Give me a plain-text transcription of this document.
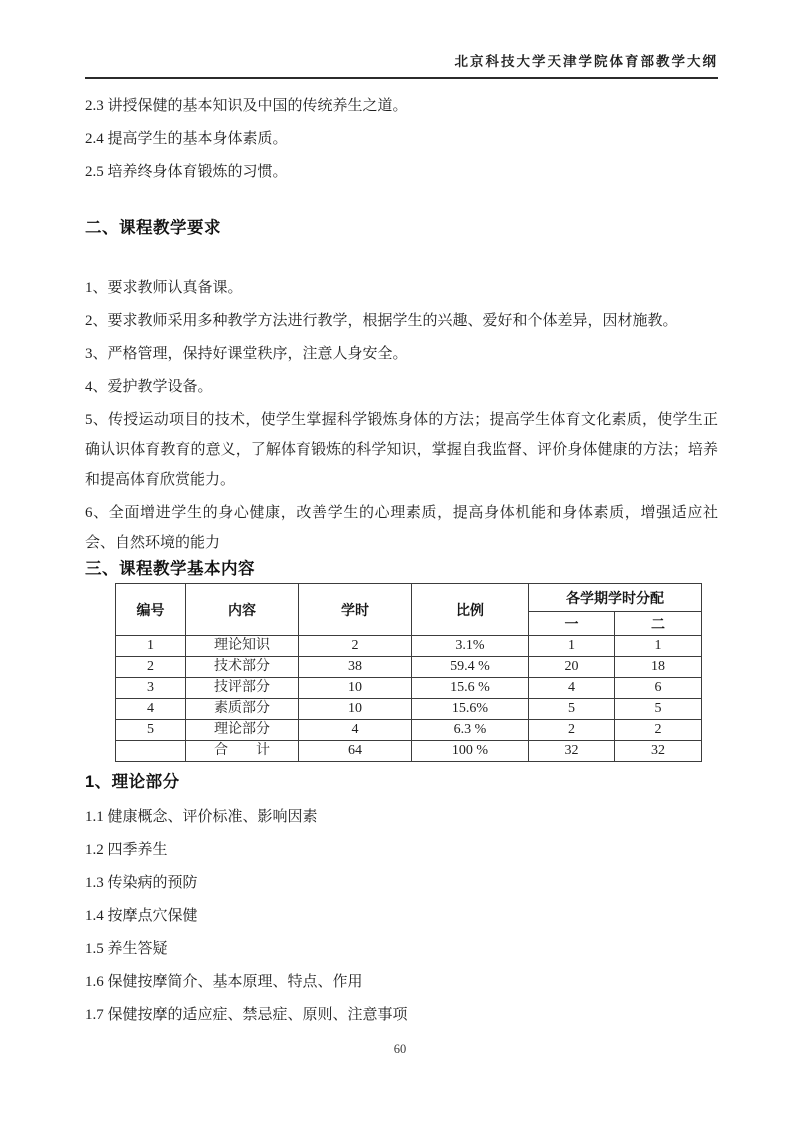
北京科技大学天津学院体育部教学大纲

2.3 讲授保健的基本知识及中国的传统养生之道。

2.4 提高学生的基本身体素质。

2.5 培养终身体育锻炼的习惯。

二、课程教学要求

1、要求教师认真备课。

2、要求教师采用多种教学方法进行教学，根据学生的兴趣、爱好和个体差异，因材施教。

3、严格管理，保持好课堂秩序，注意人身安全。

4、爱护教学设备。

5、传授运动项目的技术，使学生掌握科学锻炼身体的方法；提高学生体育文化素质，使学生正确认识体育教育的意义，了解体育锻炼的科学知识，掌握自我监督、评价身体健康的方法；培养和提高体育欣赏能力。

6、全面增进学生的身心健康，改善学生的心理素质，提高身体机能和身体素质，增强适应社会、自然环境的能力

三、课程教学基本内容
编号	内容	学时	比例	各学期学时分配	
				一	二
1	理论知识	2	3.1%	1	1
2	技术部分	38	59.4 %	20	18
3	技评部分	10	15.6 %	4	6
4	素质部分	10	15.6%	5	5
5	理论部分	4	6.3 %	2	2
	合　　计	64	100 %	32	32
1、理论部分

1.1 健康概念、评价标准、影响因素

1.2 四季养生

1.3 传染病的预防

1.4 按摩点穴保健

1.5 养生答疑

1.6 保健按摩简介、基本原理、特点、作用

1.7 保健按摩的适应症、禁忌症、原则、注意事项

60
